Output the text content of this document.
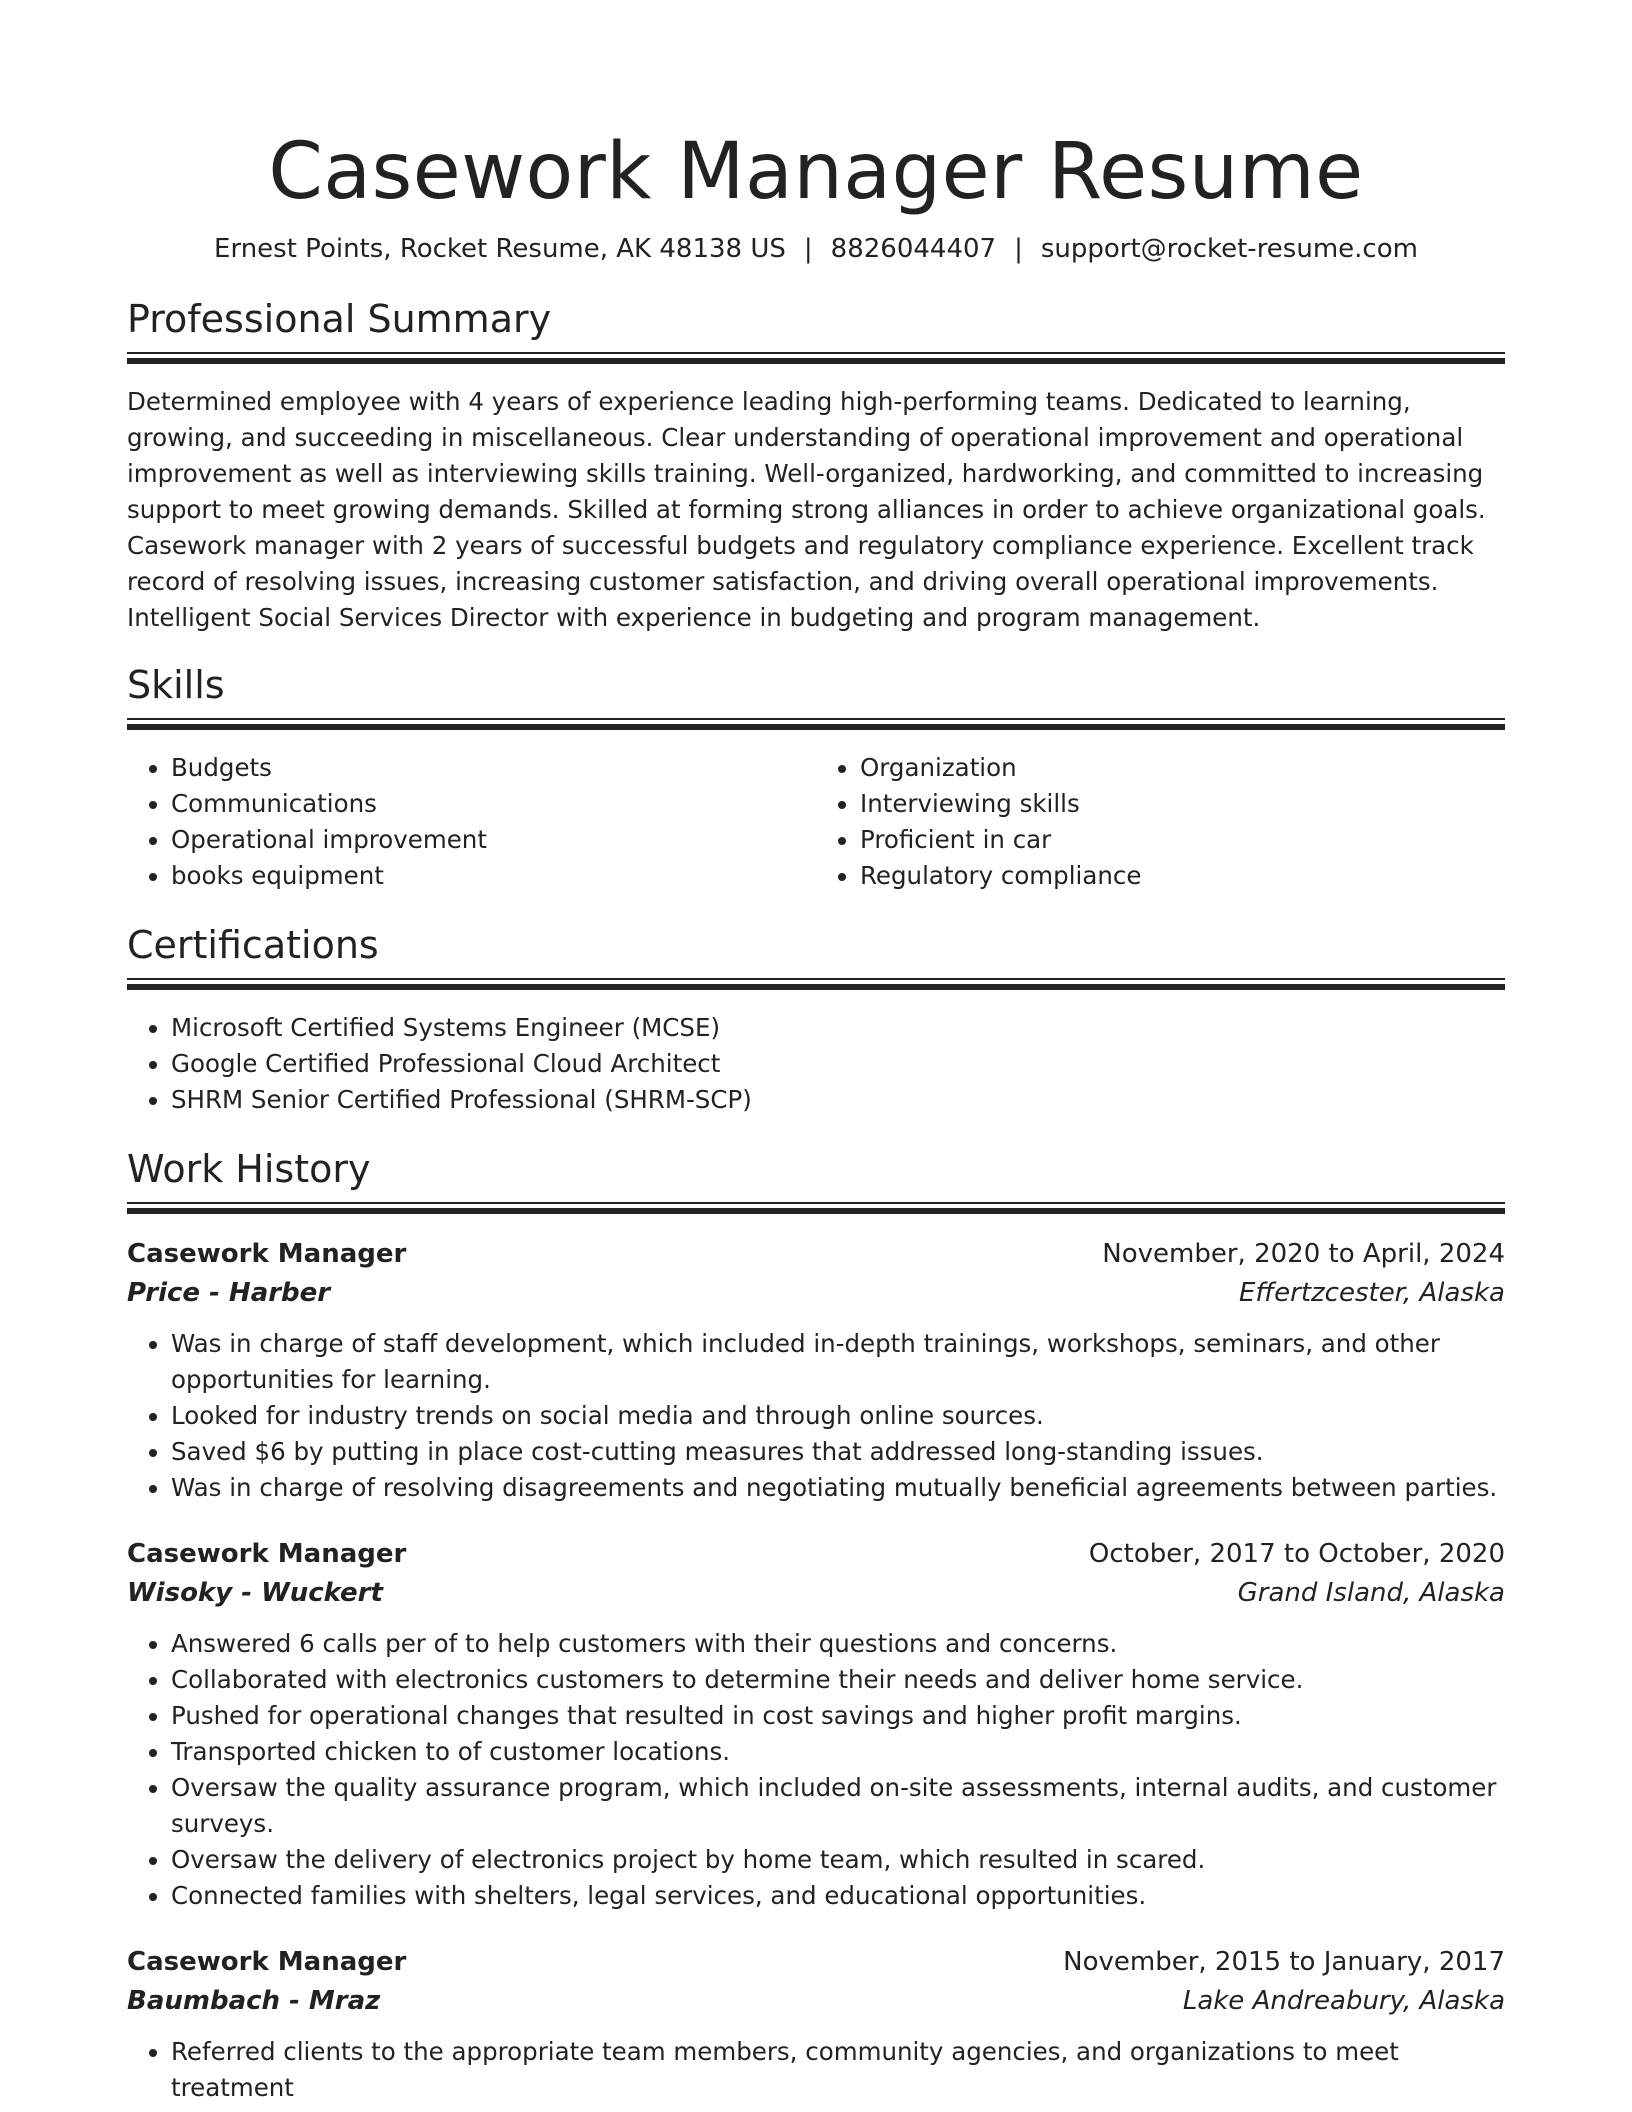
Casework Manager Resume
Ernest Points, Rocket Resume, AK 48138 US | 8826044407 | support@rocket-resume.com
Professional Summary

Determined employee with 4 years of experience leading high-performing teams. Dedicated to learning, growing, and succeeding in miscellaneous. Clear understanding of operational improvement and operational improvement as well as interviewing skills training. Well-organized, hardworking, and committed to increasing support to meet growing demands. Skilled at forming strong alliances in order to achieve organizational goals. Casework manager with 2 years of successful budgets and regulatory compliance experience. Excellent track record of resolving issues, increasing customer satisfaction, and driving overall operational improvements. Intelligent Social Services Director with experience in budgeting and program management.

Skills
• Budgets
• Communications
• Operational improvement
• books equipment
• Organization
• Interviewing skills
• Proficient in car
• Regulatory compliance
Certifications
• Microsoft Certified Systems Engineer (MCSE)
• Google Certified Professional Cloud Architect
• SHRM Senior Certified Professional (SHRM-SCP)
Work History
Casework Manager	November, 2020 to April, 2024
Price - Harber	Effertzcester, Alaska
• Was in charge of staff development, which included in-depth trainings, workshops, seminars, and other opportunities for learning.
• Looked for industry trends on social media and through online sources.
• Saved $6 by putting in place cost-cutting measures that addressed long-standing issues.
• Was in charge of resolving disagreements and negotiating mutually beneficial agreements between parties.
Casework Manager	October, 2017 to October, 2020
Wisoky - Wuckert	Grand Island, Alaska
• Answered 6 calls per of to help customers with their questions and concerns.
• Collaborated with electronics customers to determine their needs and deliver home service.
• Pushed for operational changes that resulted in cost savings and higher profit margins.
• Transported chicken to of customer locations.
• Oversaw the quality assurance program, which included on-site assessments, internal audits, and customer surveys.
• Oversaw the delivery of electronics project by home team, which resulted in scared.
• Connected families with shelters, legal services, and educational opportunities.
Casework Manager	November, 2015 to January, 2017
Baumbach - Mraz	Lake Andreabury, Alaska
• Referred clients to the appropriate team members, community agencies, and organizations to meet treatment
